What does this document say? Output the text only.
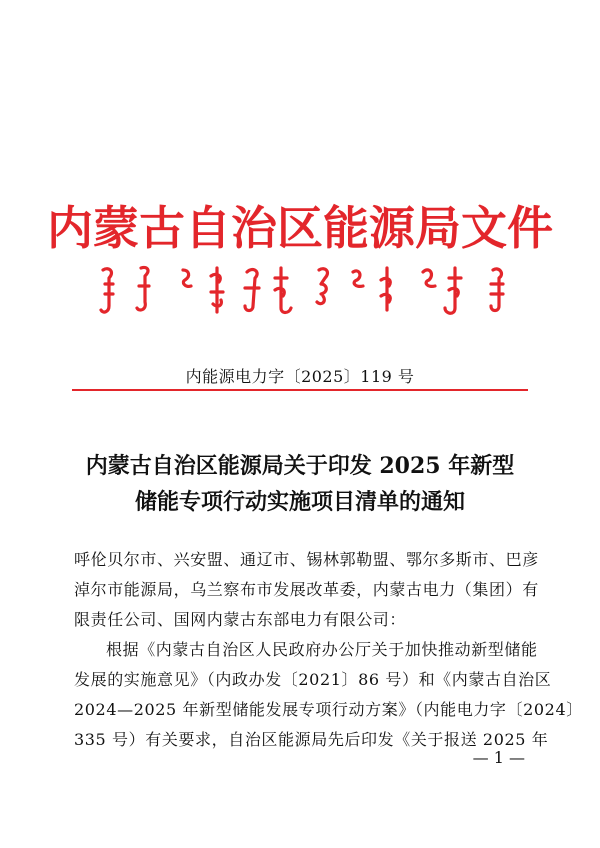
内蒙古自治区能源局文件
内能源电力字〔2025〕119 号
内蒙古自治区能源局关于印发 2025 年新型
储能专项行动实施项目清单的通知
呼伦贝尔市、兴安盟、通辽市、锡林郭勒盟、鄂尔多斯市、巴彦
淖尔市能源局，乌兰察布市发展改革委，内蒙古电力（集团）有
限责任公司、国网内蒙古东部电力有限公司：
根据《内蒙古自治区人民政府办公厅关于加快推动新型储能
发展的实施意见》（内政办发〔2021〕86 号）和《内蒙古自治区
2024—2025 年新型储能发展专项行动方案》（内能电力字〔2024〕
335 号）有关要求，自治区能源局先后印发《关于报送 2025 年
— 1 —
